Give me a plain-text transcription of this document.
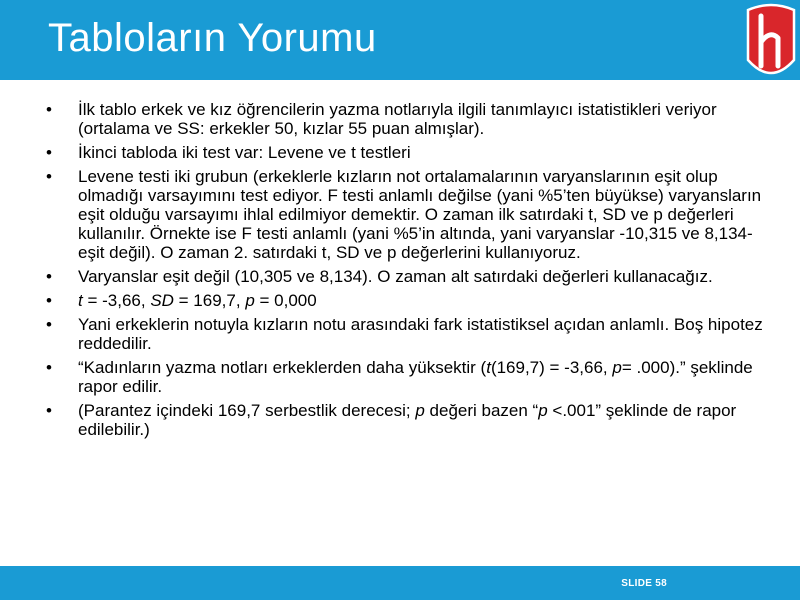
Tabloların Yorumu
• İlk tablo erkek ve kız öğrencilerin yazma notlarıyla ilgili tanımlayıcı istatistikleri veriyor (ortalama ve SS: erkekler 50, kızlar 55 puan almışlar).
• İkinci tabloda iki test var: Levene ve t testleri
• Levene testi iki grubun (erkeklerle kızların not ortalamalarının varyanslarının eşit olup olmadığı varsayımını test ediyor. F testi anlamlı değilse (yani %5’ten büyükse) varyansların eşit olduğu varsayımı ihlal edilmiyor demektir. O zaman ilk satırdaki t, SD ve p değerleri kullanılır. Örnekte ise F testi anlamlı (yani %5’in altında, yani varyanslar -10,315 ve 8,134- eşit değil). O zaman 2. satırdaki t, SD ve p değerlerini kullanıyoruz.
• Varyanslar eşit değil (10,305 ve 8,134). O zaman alt satırdaki değerleri kullanacağız.
• t = -3,66, SD = 169,7, p = 0,000
• Yani erkeklerin notuyla kızların notu arasındaki fark istatistiksel açıdan anlamlı. Boş hipotez reddedilir.
• “Kadınların yazma notları erkeklerden daha yüksektir (t(169,7) = -3,66, p= .000).” şeklinde rapor edilir.
• (Parantez içindeki 169,7 serbestlik derecesi; p değeri bazen “p <.001” şeklinde de rapor edilebilir.)
SLIDE 58
